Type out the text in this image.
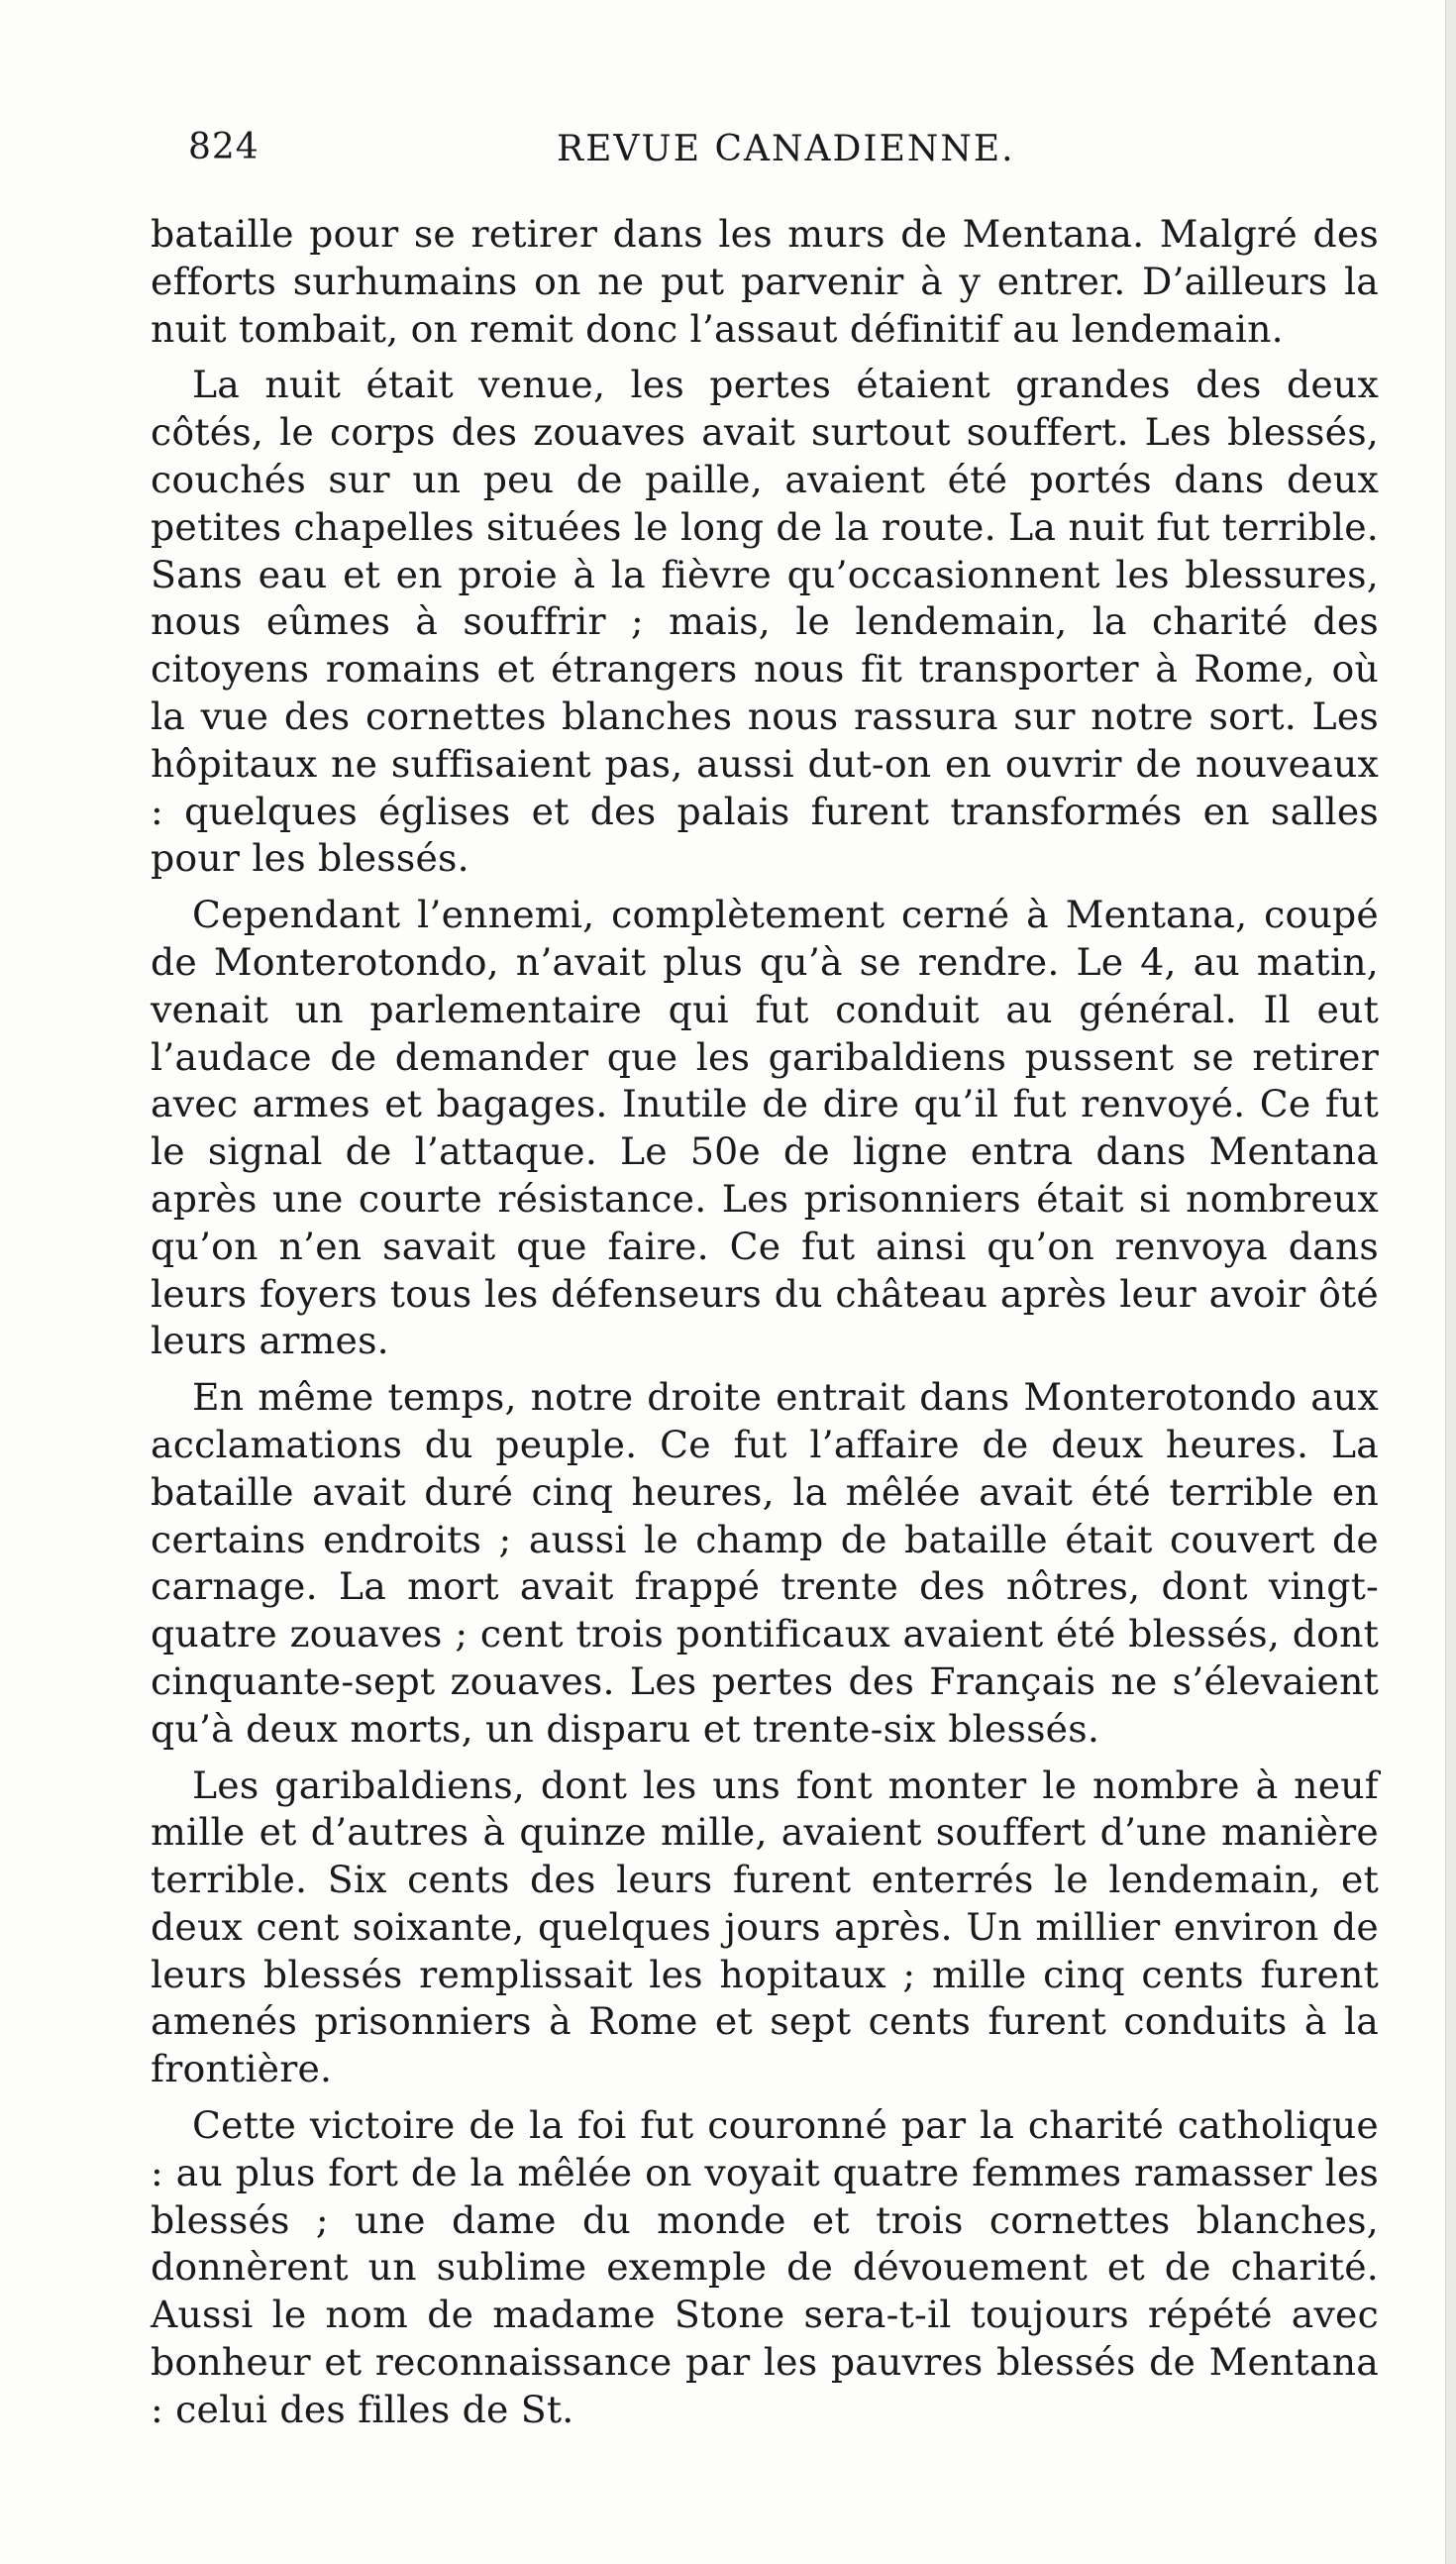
824	REVUE CANADIENNE.

bataille pour se retirer dans les murs de Mentana. Malgré des efforts surhumains on ne put parvenir à y entrer. D’ailleurs la nuit tombait, on remit donc l’assaut définitif au lendemain.

La nuit était venue, les pertes étaient grandes des deux côtés, le corps des zouaves avait surtout souffert. Les blessés, couchés sur un peu de paille, avaient été portés dans deux petites chapelles situées le long de la route. La nuit fut terrible. Sans eau et en proie à la fièvre qu’occasionnent les blessures, nous eûmes à souffrir ; mais, le lendemain, la charité des citoyens romains et étrangers nous fit transporter à Rome, où la vue des cornettes blanches nous rassura sur notre sort. Les hôpitaux ne suffisaient pas, aussi dut-on en ouvrir de nouveaux : quelques églises et des palais furent transformés en salles pour les blessés.

Cependant l’ennemi, complètement cerné à Mentana, coupé de Monterotondo, n’avait plus qu’à se rendre. Le 4, au matin, venait un parlementaire qui fut conduit au général. Il eut l’audace de demander que les garibaldiens pussent se retirer avec armes et bagages. Inutile de dire qu’il fut renvoyé. Ce fut le signal de l’attaque. Le 50e de ligne entra dans Mentana après une courte résistance. Les prisonniers était si nombreux qu’on n’en savait que faire. Ce fut ainsi qu’on renvoya dans leurs foyers tous les défenseurs du château après leur avoir ôté leurs armes.

En même temps, notre droite entrait dans Monterotondo aux acclamations du peuple. Ce fut l’affaire de deux heures. La bataille avait duré cinq heures, la mêlée avait été terrible en certains endroits ; aussi le champ de bataille était couvert de carnage. La mort avait frappé trente des nôtres, dont vingt-quatre zouaves ; cent trois pontificaux avaient été blessés, dont cinquante-sept zouaves. Les pertes des Français ne s’élevaient qu’à deux morts, un disparu et trente-six blessés.

Les garibaldiens, dont les uns font monter le nombre à neuf mille et d’autres à quinze mille, avaient souffert d’une manière terrible. Six cents des leurs furent enterrés le lendemain, et deux cent soixante, quelques jours après. Un millier environ de leurs blessés remplissait les hopitaux ; mille cinq cents furent amenés prisonniers à Rome et sept cents furent conduits à la frontière.

Cette victoire de la foi fut couronné par la charité catholique : au plus fort de la mêlée on voyait quatre femmes ramasser les blessés ; une dame du monde et trois cornettes blanches, donnèrent un sublime exemple de dévouement et de charité. Aussi le nom de madame Stone sera-t-il toujours répété avec bonheur et reconnaissance par les pauvres blessés de Mentana : celui des filles de St.
